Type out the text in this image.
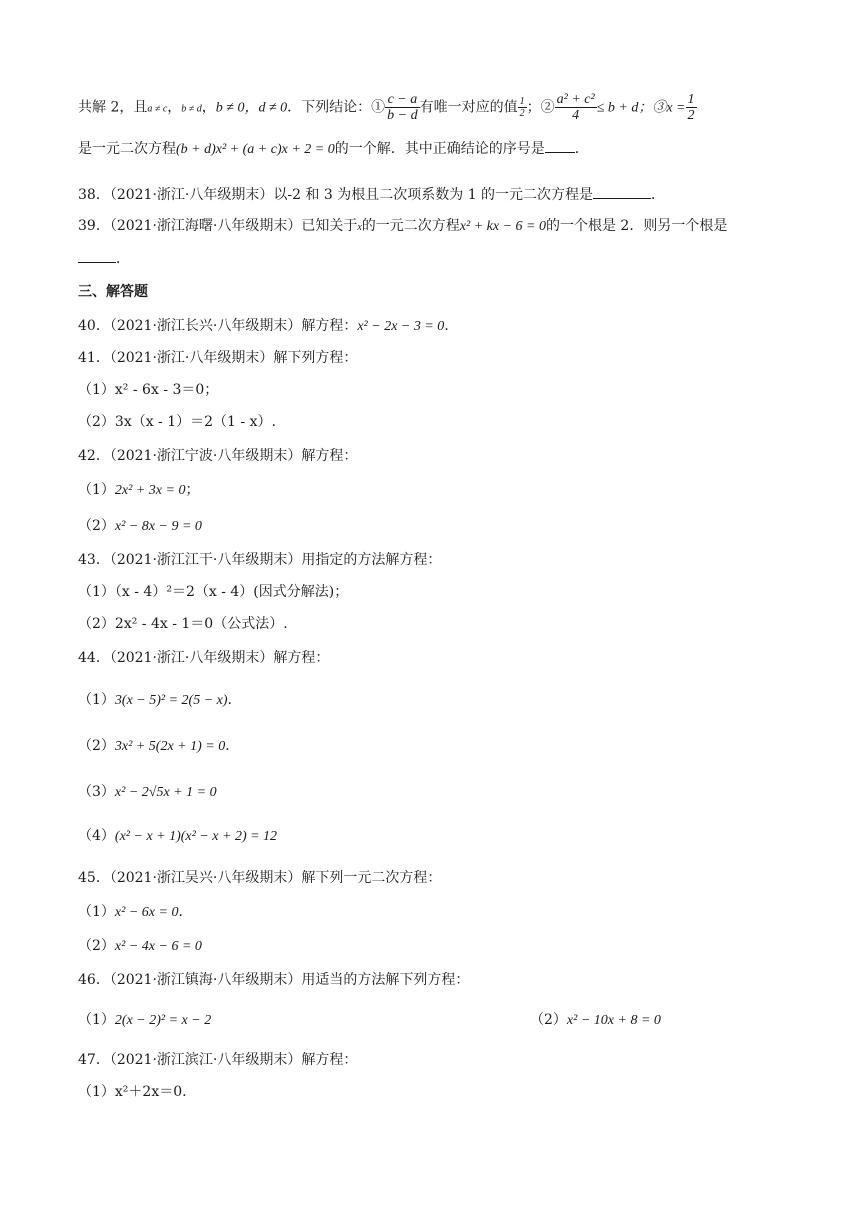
共解 2，且a ≠ c，b ≠ d，b ≠ 0，d ≠ 0．下列结论：① $\frac{c - a}{b - d}$ 有唯一对应的值 $\frac{1}{2}$ ；② $\frac{\text{a² + c²}}{4} \le b + d$；③x = $\frac{1}{2}$
是一元二次方程(b + d)x² + (a + c)x + 2 = 0的一个解．其中正确结论的序号是 ．
38．（2021·浙江·八年级期末）以-2 和 3 为根且二次项系数为 1 的一元二次方程是	．
39．（2021·浙江海曙·八年级期末）已知关于x的一元二次方程x² + kx − 6 = 0的一个根是 2．则另一个根是
．
三、解答题
40．（2021·浙江长兴·八年级期末）解方程：x² − 2x − 3 = 0．
41．（2021·浙江·八年级期末）解下列方程：
（1）x² - 6x - 3＝0；
（2）3x（x - 1）＝2（1 - x）.
42．（2021·浙江宁波·八年级期末）解方程：
（1）2x² + 3x = 0；
（2）x² − 8x − 9 = 0
43．（2021·浙江江干·八年级期末）用指定的方法解方程：
（1）（x - 4）²＝2（x - 4）(因式分解法)；
（2）2x² - 4x - 1＝0（公式法）.
44．（2021·浙江·八年级期末）解方程：
（1）3(x − 5)² = 2(5 − x)．
（2）3x² + 5(2x + 1) = 0．
（3）x² − 2√5x + 1 = 0
（4）(x² − x + 1)(x² − x + 2) = 12
45．（2021·浙江吴兴·八年级期末）解下列一元二次方程：
（1）x² − 6x = 0．
（2）x² − 4x − 6 = 0
46．（2021·浙江镇海·八年级期末）用适当的方法解下列方程：
（1）2(x − 2)² = x − 2	（2）x² − 10x + 8 = 0
47．（2021·浙江滨江·八年级期末）解方程：
（1）x²＋2x＝0.
